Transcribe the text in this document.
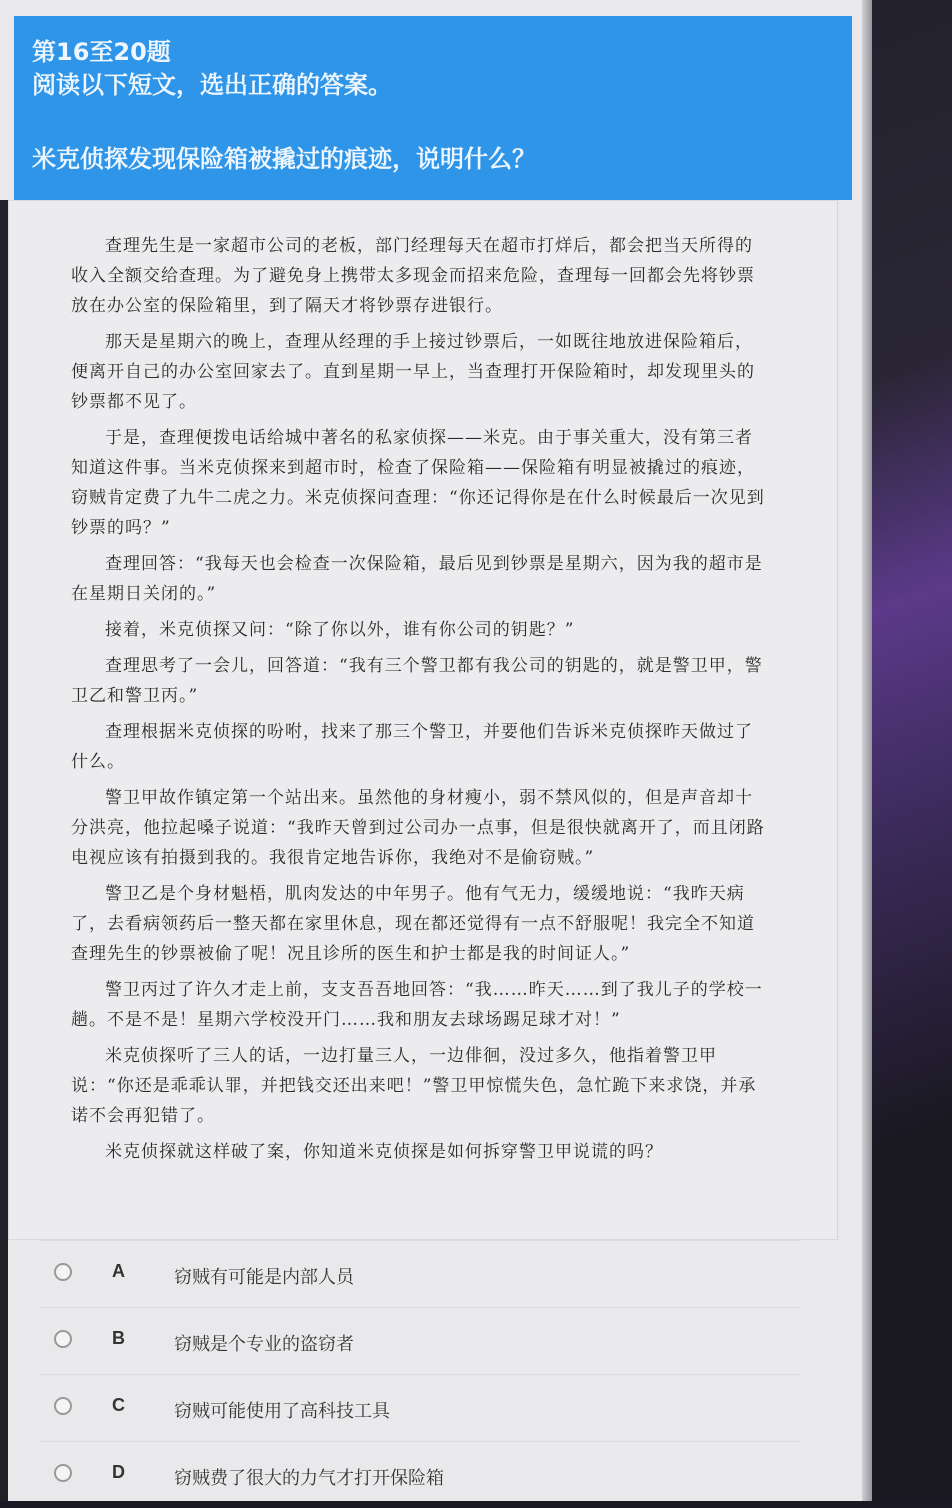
第16至20题
阅读以下短文，选出正确的答案。
米克侦探发现保险箱被撬过的痕迹，说明什么？

查理先生是一家超市公司的老板，部门经理每天在超市打烊后，都会把当天所得的收入全额交给查理。为了避免身上携带太多现金而招来危险，查理每一回都会先将钞票放在办公室的保险箱里，到了隔天才将钞票存进银行。

那天是星期六的晚上，查理从经理的手上接过钞票后，一如既往地放进保险箱后，便离开自己的办公室回家去了。直到星期一早上，当查理打开保险箱时，却发现里头的钞票都不见了。

于是，查理便拨电话给城中著名的私家侦探——米克。由于事关重大，没有第三者知道这件事。当米克侦探来到超市时，检查了保险箱——保险箱有明显被撬过的痕迹，窃贼肯定费了九牛二虎之力。米克侦探问查理：“你还记得你是在什么时候最后一次见到钞票的吗？”

查理回答：“我每天也会检查一次保险箱，最后见到钞票是星期六，因为我的超市是在星期日关闭的。”

接着，米克侦探又问：“除了你以外，谁有你公司的钥匙？”

查理思考了一会儿，回答道：“我有三个警卫都有我公司的钥匙的，就是警卫甲，警卫乙和警卫丙。”

查理根据米克侦探的吩咐，找来了那三个警卫，并要他们告诉米克侦探昨天做过了什么。

警卫甲故作镇定第一个站出来。虽然他的身材瘦小，弱不禁风似的，但是声音却十分洪亮，他拉起嗓子说道：“我昨天曾到过公司办一点事，但是很快就离开了，而且闭路电视应该有拍摄到我的。我很肯定地告诉你，我绝对不是偷窃贼。”

警卫乙是个身材魁梧，肌肉发达的中年男子。他有气无力，缓缓地说：“我昨天病了，去看病领药后一整天都在家里休息，现在都还觉得有一点不舒服呢！我完全不知道查理先生的钞票被偷了呢！况且诊所的医生和护士都是我的时间证人。”

警卫丙过了许久才走上前，支支吾吾地回答：“我……昨天……到了我儿子的学校一趟。不是不是！星期六学校没开门……我和朋友去球场踢足球才对！”

米克侦探听了三人的话，一边打量三人，一边俳徊，没过多久，他指着警卫甲说：“你还是乖乖认罪，并把钱交还出来吧！”警卫甲惊慌失色，急忙跪下来求饶，并承诺不会再犯错了。

米克侦探就这样破了案，你知道米克侦探是如何拆穿警卫甲说谎的吗？

A	窃贼有可能是内部人员
B	窃贼是个专业的盗窃者
C	窃贼可能使用了高科技工具
D	窃贼费了很大的力气才打开保险箱
